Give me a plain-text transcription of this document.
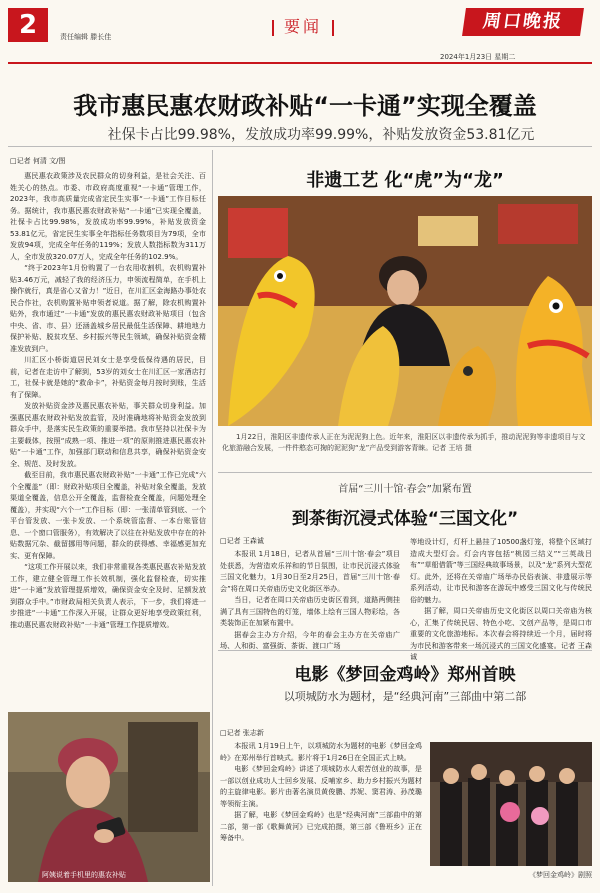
2	责任编辑 滕长佳
要闻	周口晚报
2024年1月23日 星期二
我市惠民惠农财政补贴“一卡通”实现全覆盖
社保卡占比99.98%，发放成功率99.99%，补贴发放资金53.81亿元
□记者 何清 文/图

惠民惠农政策涉及农民群众的切身利益，是社会关注、百姓关心的热点。市委、市政府高度重视“一卡通”管理工作，2023年，我市高质量完成省定民生实事“一卡通”工作目标任务。据统计，我市惠民惠农财政补贴“一卡通”已实现全覆盖，社保卡占比99.98%，发放成功率99.99%，补贴发放资金53.81亿元，省定民生实事全年指标任务数项目为79项，全市发放94项，完成全年任务的119%；发放人数指标数为311万人，全市发放320.07万人，完成全年任务的102.9%。

“终于2023年1月份购置了一台农用收割机，农机购置补贴3.46万元，减轻了我的经济压力，申领流程简单，在手机上操作就行，真是省心又省力！”近日，在川汇区金海路办事处农民合作社，农机购置补贴申领者说道。据了解，除农机购置补贴外，我市通过“一卡通”发放的惠民惠农财政补贴项目（包含中央、省、市、县）还涵盖城乡居民最低生活保障、耕地地力保护补贴、脱贫攻坚、乡村振兴等民生领域，确保补贴资金精准发放到户。

川汇区小桥街道居民刘女士是享受低保待遇的居民，目前，记者在走访中了解到，53岁的刘女士在川汇区一家酒店打工，社保卡就是她的“救命卡”，补贴资金每月按时到账，生活有了保障。

发放补贴资金涉及惠民惠农补贴，事关群众切身利益。加强惠民惠农财政补贴发放监管，及时准确地将补贴资金发放到群众手中，是落实民生政策的重要举措。我市坚持以社保卡为主要载体，按照“成熟一项、推进一项”的原则推进惠民惠农补贴“一卡通”工作，加强部门联动和信息共享，确保补贴资金安全、规范、及时发放。

截至目前，我市惠民惠农财政补贴“一卡通”工作已完成“六个全覆盖”（即：财政补贴项目全覆盖，补贴对象全覆盖，发放渠道全覆盖，信息公开全覆盖，监督检查全覆盖，问题处理全覆盖），并实现“六个一”工作目标（即：一张清单管到底、一个平台管发放、一张卡发放、一个系统管监督、一本台账管信息、一个窗口管服务），有效解决了以往在补贴发放中存在的补贴数据冗杂、截留挪用等问题，群众的获得感、幸福感更加充实、更有保障。

“这项工作开展以来，我们非常重视各类惠民惠农补贴发放工作，建立健全管理工作长效机制，强化监督检查，切实推进“一卡通”发放管理提质增效，确保资金安全及时、足额发放到群众手中。”市财政局相关负责人表示，下一步，我们将进一步推进“一卡通”工作深入开展，让群众更好地享受政策红利，推动惠民惠农财政补贴“一卡通”管理工作提质增效。

阿姨说着手机里的惠农补贴
非遗工艺 化“虎”为“龙”
1月22日，淮阳区非遗传承人正在为泥泥狗上色。近年来，淮阳区以非遗传承为抓手，推动泥泥狗等非遗项目与文化旅游融合发展，一件件憨态可掬的泥泥狗“龙”产品受到游客青睐。记者 王培 摄
首届“三川十馆·春会”加紧布置
到茶街沉浸式体验“三国文化”
□记者 王森诚

本报讯 1月18日，记者从首届“三川十馆·春会”项目处获悉，为营造欢乐祥和的节日氛围，让市民沉浸式体验三国文化魅力，1月30日至2月25日，首届“三川十馆·春会”将在周口关帝庙历史文化街区举办。

当日，记者在周口关帝庙历史街区看到，道路两侧挂满了具有三国特色的灯笼，墙体上绘有三国人物彩绘，各类装饰正在加紧布置中。

据春会主办方介绍，今年的春会主办方在关帝庙广场、人和街、富强街、茶街、渡口广场

等地设计灯，灯杆上悬挂了10500盏灯笼，将整个区域打造成大型灯会。灯会内容包括“桃园三结义”“三英战吕布”“草船借箭”等三国经典故事场景，以及“龙”系列大型花灯。此外，还将在关帝庙广场举办民俗表演、非遗展示等系列活动，让市民和游客在游玩中感受三国文化与传统民俗的魅力。

据了解，周口关帝庙历史文化街区以周口关帝庙为核心，汇集了传统民居、特色小吃、文创产品等，是周口市重要的文化旅游地标。本次春会将持续近一个月，届时将为市民和游客带来一场沉浸式的三国文化盛宴。记者 王森诚

电影《梦回金鸡岭》郑州首映
以项城防水为题材，是“经典河南”三部曲中第二部
□记者 张志新

本报讯 1月19日上午，以项城防水为题材的电影《梦回金鸡岭》在郑州举行首映式。影片将于1月26日在全国正式上映。

电影《梦回金鸡岭》讲述了项城防水人艰苦创业的故事，是一部以创业成功人士回乡发展、反哺家乡、助力乡村振兴为题材的主旋律电影。影片由著名演员黄俊鹏、苏妮、窦君涛、孙茂璐等领衔主演。

据了解，电影《梦回金鸡岭》也是“经典河南”三部曲中的第二部，第一部《歌舞黄河》已完成拍摄，第三部《鲁班乡》正在筹备中。

《梦回金鸡岭》剧照
